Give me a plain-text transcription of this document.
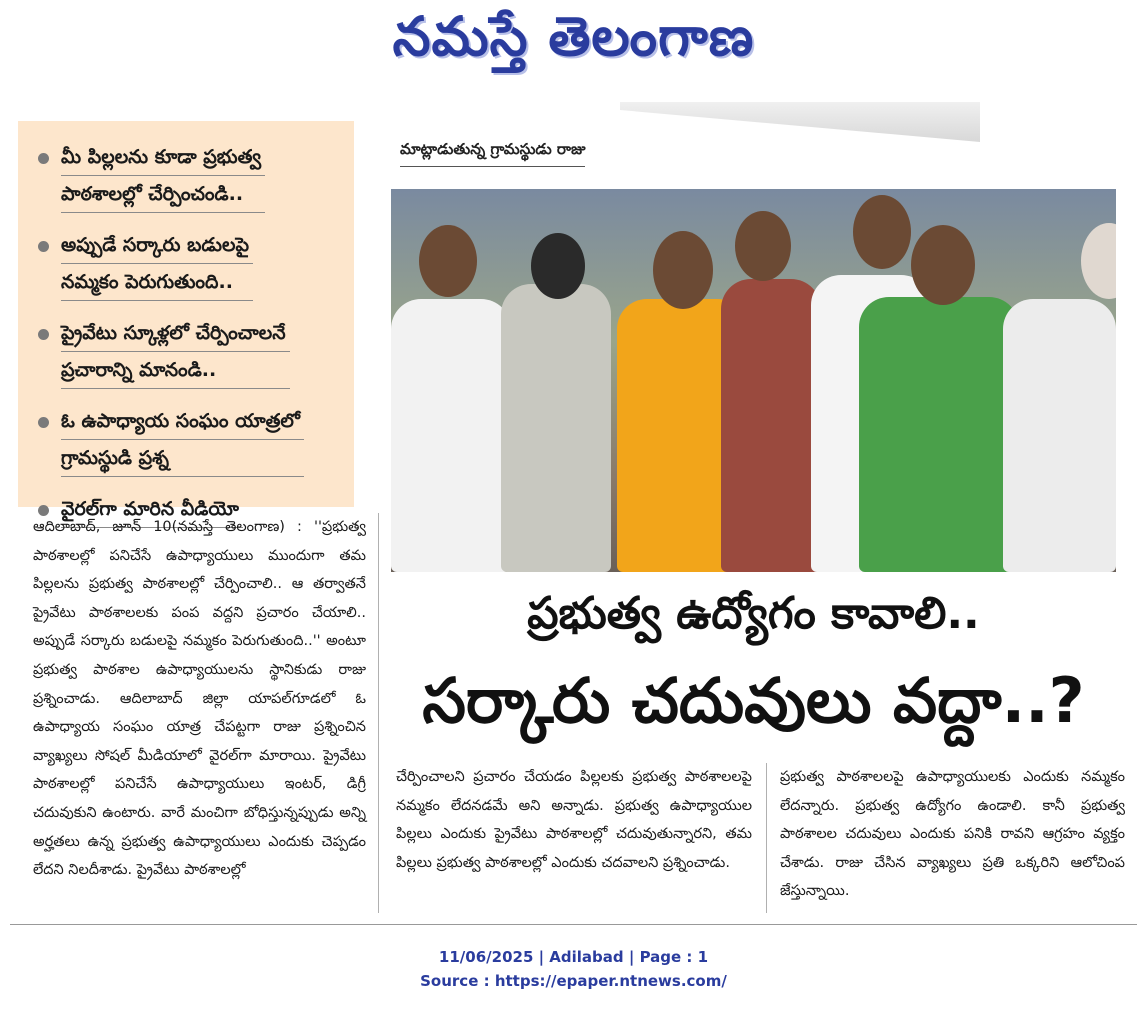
నమస్తే తెలంగాణ
మీ పిల్లలను కూడా ప్రభుత్వ
పాఠశాలల్లో చేర్పించండి..
అప్పుడే సర్కారు బడులపై
నమ్మకం పెరుగుతుంది..
ప్రైవేటు స్కూళ్లలో చేర్పించాలనే
ప్రచారాన్ని మానండి..
ఓ ఉపాధ్యాయ సంఘం యాత్రలో
గ్రామస్థుడి ప్రశ్న
వైరల్‌గా మారిన వీడియో
మాట్లాడుతున్న గ్రామస్థుడు రాజు
ప్రభుత్వ ఉద్యోగం కావాలి..
సర్కారు చదువులు వద్దా..?

ఆదిలాబాద్, జూన్ 10(నమస్తే తెలంగాణ) : ''ప్రభుత్వ పాఠశాలల్లో పనిచేసే ఉపాధ్యాయులు ముందుగా తమ పిల్లలను ప్రభుత్వ పాఠశాలల్లో చేర్పించాలి.. ఆ తర్వాతనే ప్రైవేటు పాఠశాలలకు పంప వద్దని ప్రచారం చేయాలి.. అప్పుడే సర్కారు బడులపై నమ్మకం పెరుగుతుంది..'' అంటూ ప్రభుత్వ పాఠశాల ఉపాధ్యాయులను స్థానికుడు రాజు ప్రశ్నించాడు. ఆదిలాబాద్ జిల్లా యాపల్‌గూడలో ఓ ఉపాధ్యాయ సంఘం యాత్ర చేపట్టగా రాజు ప్రశ్నించిన వ్యాఖ్యలు సోషల్ మీడియాలో వైరల్‌గా మారాయి. ప్రైవేటు పాఠశాలల్లో పనిచేసే ఉపాధ్యాయులు ఇంటర్, డిగ్రీ చదువుకుని ఉంటారు. వారే మంచిగా బోధిస్తున్నప్పుడు అన్ని అర్హతలు ఉన్న ప్రభుత్వ ఉపాధ్యాయులు ఎందుకు చెప్పడం లేదని నిలదీశాడు. ప్రైవేటు పాఠశాలల్లో

చేర్పించాలని ప్రచారం చేయడం పిల్లలకు ప్రభుత్వ పాఠశాలలపై నమ్మకం లేదనడమే అని అన్నాడు. ప్రభుత్వ ఉపాధ్యాయుల పిల్లలు ఎందుకు ప్రైవేటు పాఠశాలల్లో చదువుతున్నారని, తమ పిల్లలు ప్రభుత్వ పాఠశాలల్లో ఎందుకు చదవాలని ప్రశ్నించాడు.

ప్రభుత్వ పాఠశాలలపై ఉపాధ్యాయులకు ఎందుకు నమ్మకం లేదన్నారు. ప్రభుత్వ ఉద్యోగం ఉండాలి. కానీ ప్రభుత్వ పాఠశాలల చదువులు ఎందుకు పనికి రావని ఆగ్రహం వ్యక్తం చేశాడు. రాజు చేసిన వ్యాఖ్యలు ప్రతి ఒక్కరిని ఆలోచింప జేస్తున్నాయి.

11/06/2025 | Adilabad | Page : 1
Source : https://epaper.ntnews.com/
